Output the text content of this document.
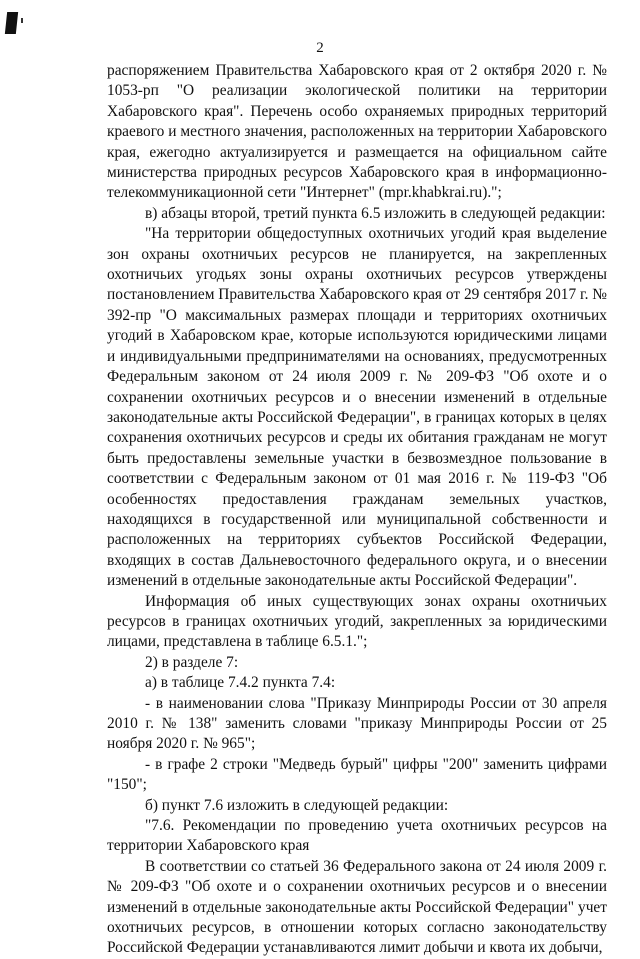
2

распоряжением Правительства Хабаровского края от 2 октября 2020 г. № 1053-рп "О реализации экологической политики на территории Хабаровского края". Перечень особо охраняемых природных территорий краевого и местного значения, расположенных на территории Хабаровского края, ежегодно актуализируется и размещается на официальном сайте министерства природных ресурсов Хабаровского края в информационно-телекоммуникационной сети "Интернет" (mpr.khabkrai.ru).";

в) абзацы второй, третий пункта 6.5 изложить в следующей редакции:

"На территории общедоступных охотничьих угодий края выделение зон охраны охотничьих ресурсов не планируется, на закрепленных охотничьих угодьях зоны охраны охотничьих ресурсов утверждены постановлением Правительства Хабаровского края от 29 сентября 2017 г. № 392-пр "О максимальных размерах площади и территориях охотничьих угодий в Хабаровском крае, которые используются юридическими лицами и индивидуальными предпринимателями на основаниях, предусмотренных Федеральным законом от 24 июля 2009 г. № 209-ФЗ "Об охоте и о сохранении охотничьих ресурсов и о внесении изменений в отдельные законодательные акты Российской Федерации", в границах которых в целях сохранения охотничьих ресурсов и среды их обитания гражданам не могут быть предоставлены земельные участки в безвозмездное пользование в соответствии с Федеральным законом от 01 мая 2016 г. № 119-ФЗ "Об особенностях предоставления гражданам земельных участков, находящихся в государственной или муниципальной собственности и расположенных на территориях субъектов Российской Федерации, входящих в состав Дальневосточного федерального округа, и о внесении изменений в отдельные законодательные акты Российской Федерации".

Информация об иных существующих зонах охраны охотничьих ресурсов в границах охотничьих угодий, закрепленных за юридическими лицами, представлена в таблице 6.5.1.";

2) в разделе 7:

а) в таблице 7.4.2 пункта 7.4:

- в наименовании слова "Приказу Минприроды России от 30 апреля 2010 г. № 138" заменить словами "приказу Минприроды России от 25 ноября 2020 г. № 965";

- в графе 2 строки "Медведь бурый" цифры "200" заменить цифрами "150";

б) пункт 7.6 изложить в следующей редакции:

"7.6. Рекомендации по проведению учета охотничьих ресурсов на территории Хабаровского края

В соответствии со статьей 36 Федерального закона от 24 июля 2009 г. № 209-ФЗ "Об охоте и о сохранении охотничьих ресурсов и о внесении изменений в отдельные законодательные акты Российской Федерации" учет охотничьих ресурсов, в отношении которых согласно законодательству Российской Федерации устанавливаются лимит добычи и квота их добычи,
